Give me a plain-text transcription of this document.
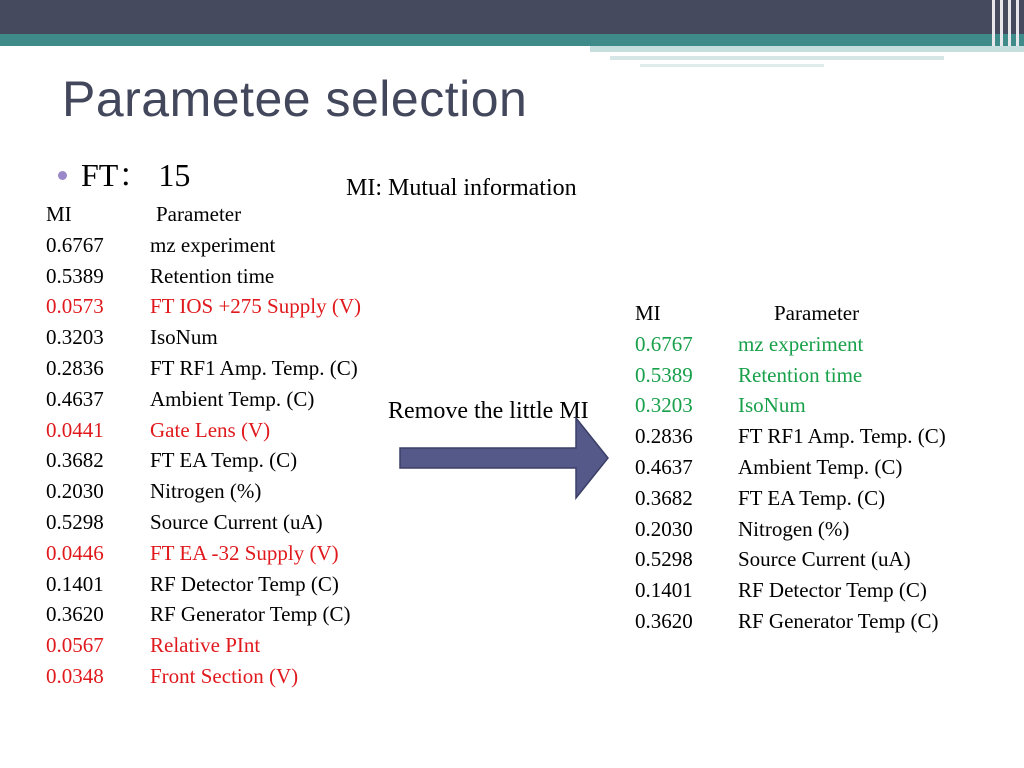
Parametee selection
FT： 15	MI: Mutual information
MI	Parameter
0.6767	mz experiment
0.5389	Retention time
0.0573	FT IOS +275 Supply (V)
0.3203	IsoNum
0.2836	FT RF1 Amp. Temp. (C)
0.4637	Ambient Temp. (C)
0.0441	Gate Lens (V)
0.3682	FT EA Temp. (C)
0.2030	Nitrogen (%)
0.5298	Source Current (uA)
0.0446	FT EA -32 Supply (V)
0.1401	RF Detector Temp (C)
0.3620	RF Generator Temp (C)
0.0567	Relative PInt
0.0348	Front Section (V)
Remove the little MI
MI	Parameter
0.6767	mz experiment
0.5389	Retention time
0.3203	IsoNum
0.2836	FT RF1 Amp. Temp. (C)
0.4637	Ambient Temp. (C)
0.3682	FT EA Temp. (C)
0.2030	Nitrogen (%)
0.5298	Source Current (uA)
0.1401	RF Detector Temp (C)
0.3620	RF Generator Temp (C)
